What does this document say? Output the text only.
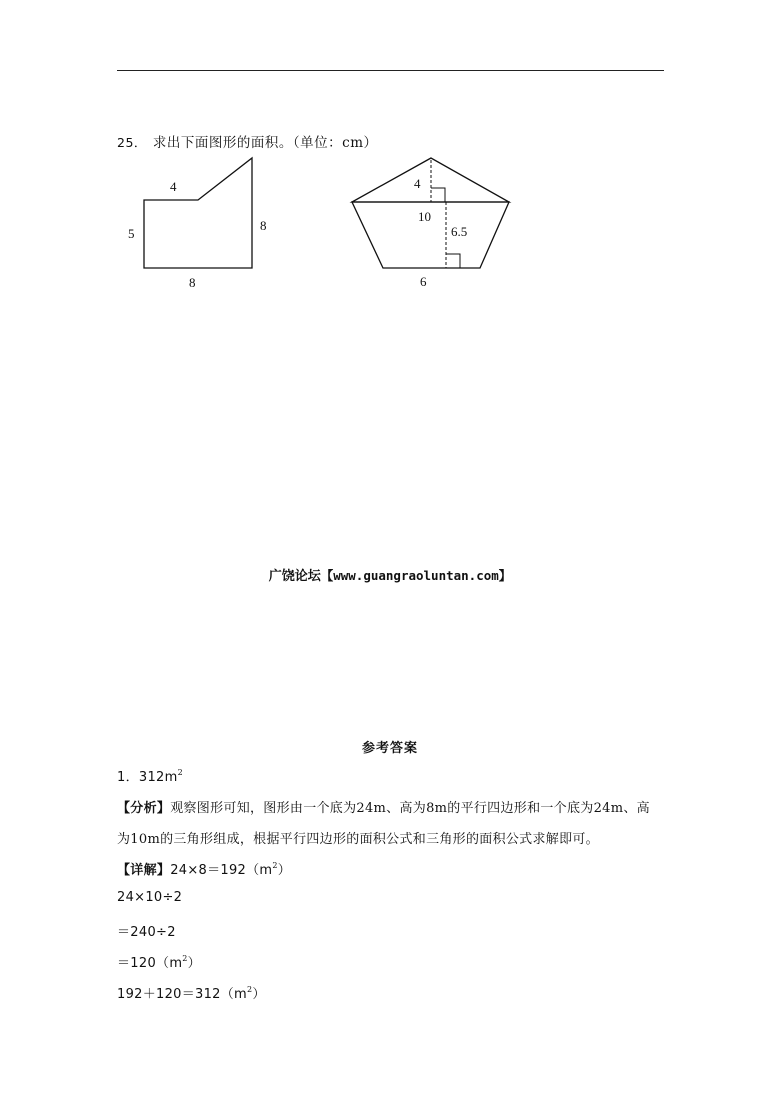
25． 求出下面图形的面积。（单位：cm）
4
5
8
8
4
10
6.5
6
广饶论坛【www.guangraoluntan.com】
参考答案
1．$312m^2$
【分析】观察图形可知，图形由一个底为24m、高为8m的平行四边形和一个底为24m、高
为10m的三角形组成，根据平行四边形的面积公式和三角形的面积公式求解即可。
【详解】$24\times 8=192(m^2)$
24×10÷2
＝240÷2
$=120(m^2)$
$192+120=312(m^2)$
